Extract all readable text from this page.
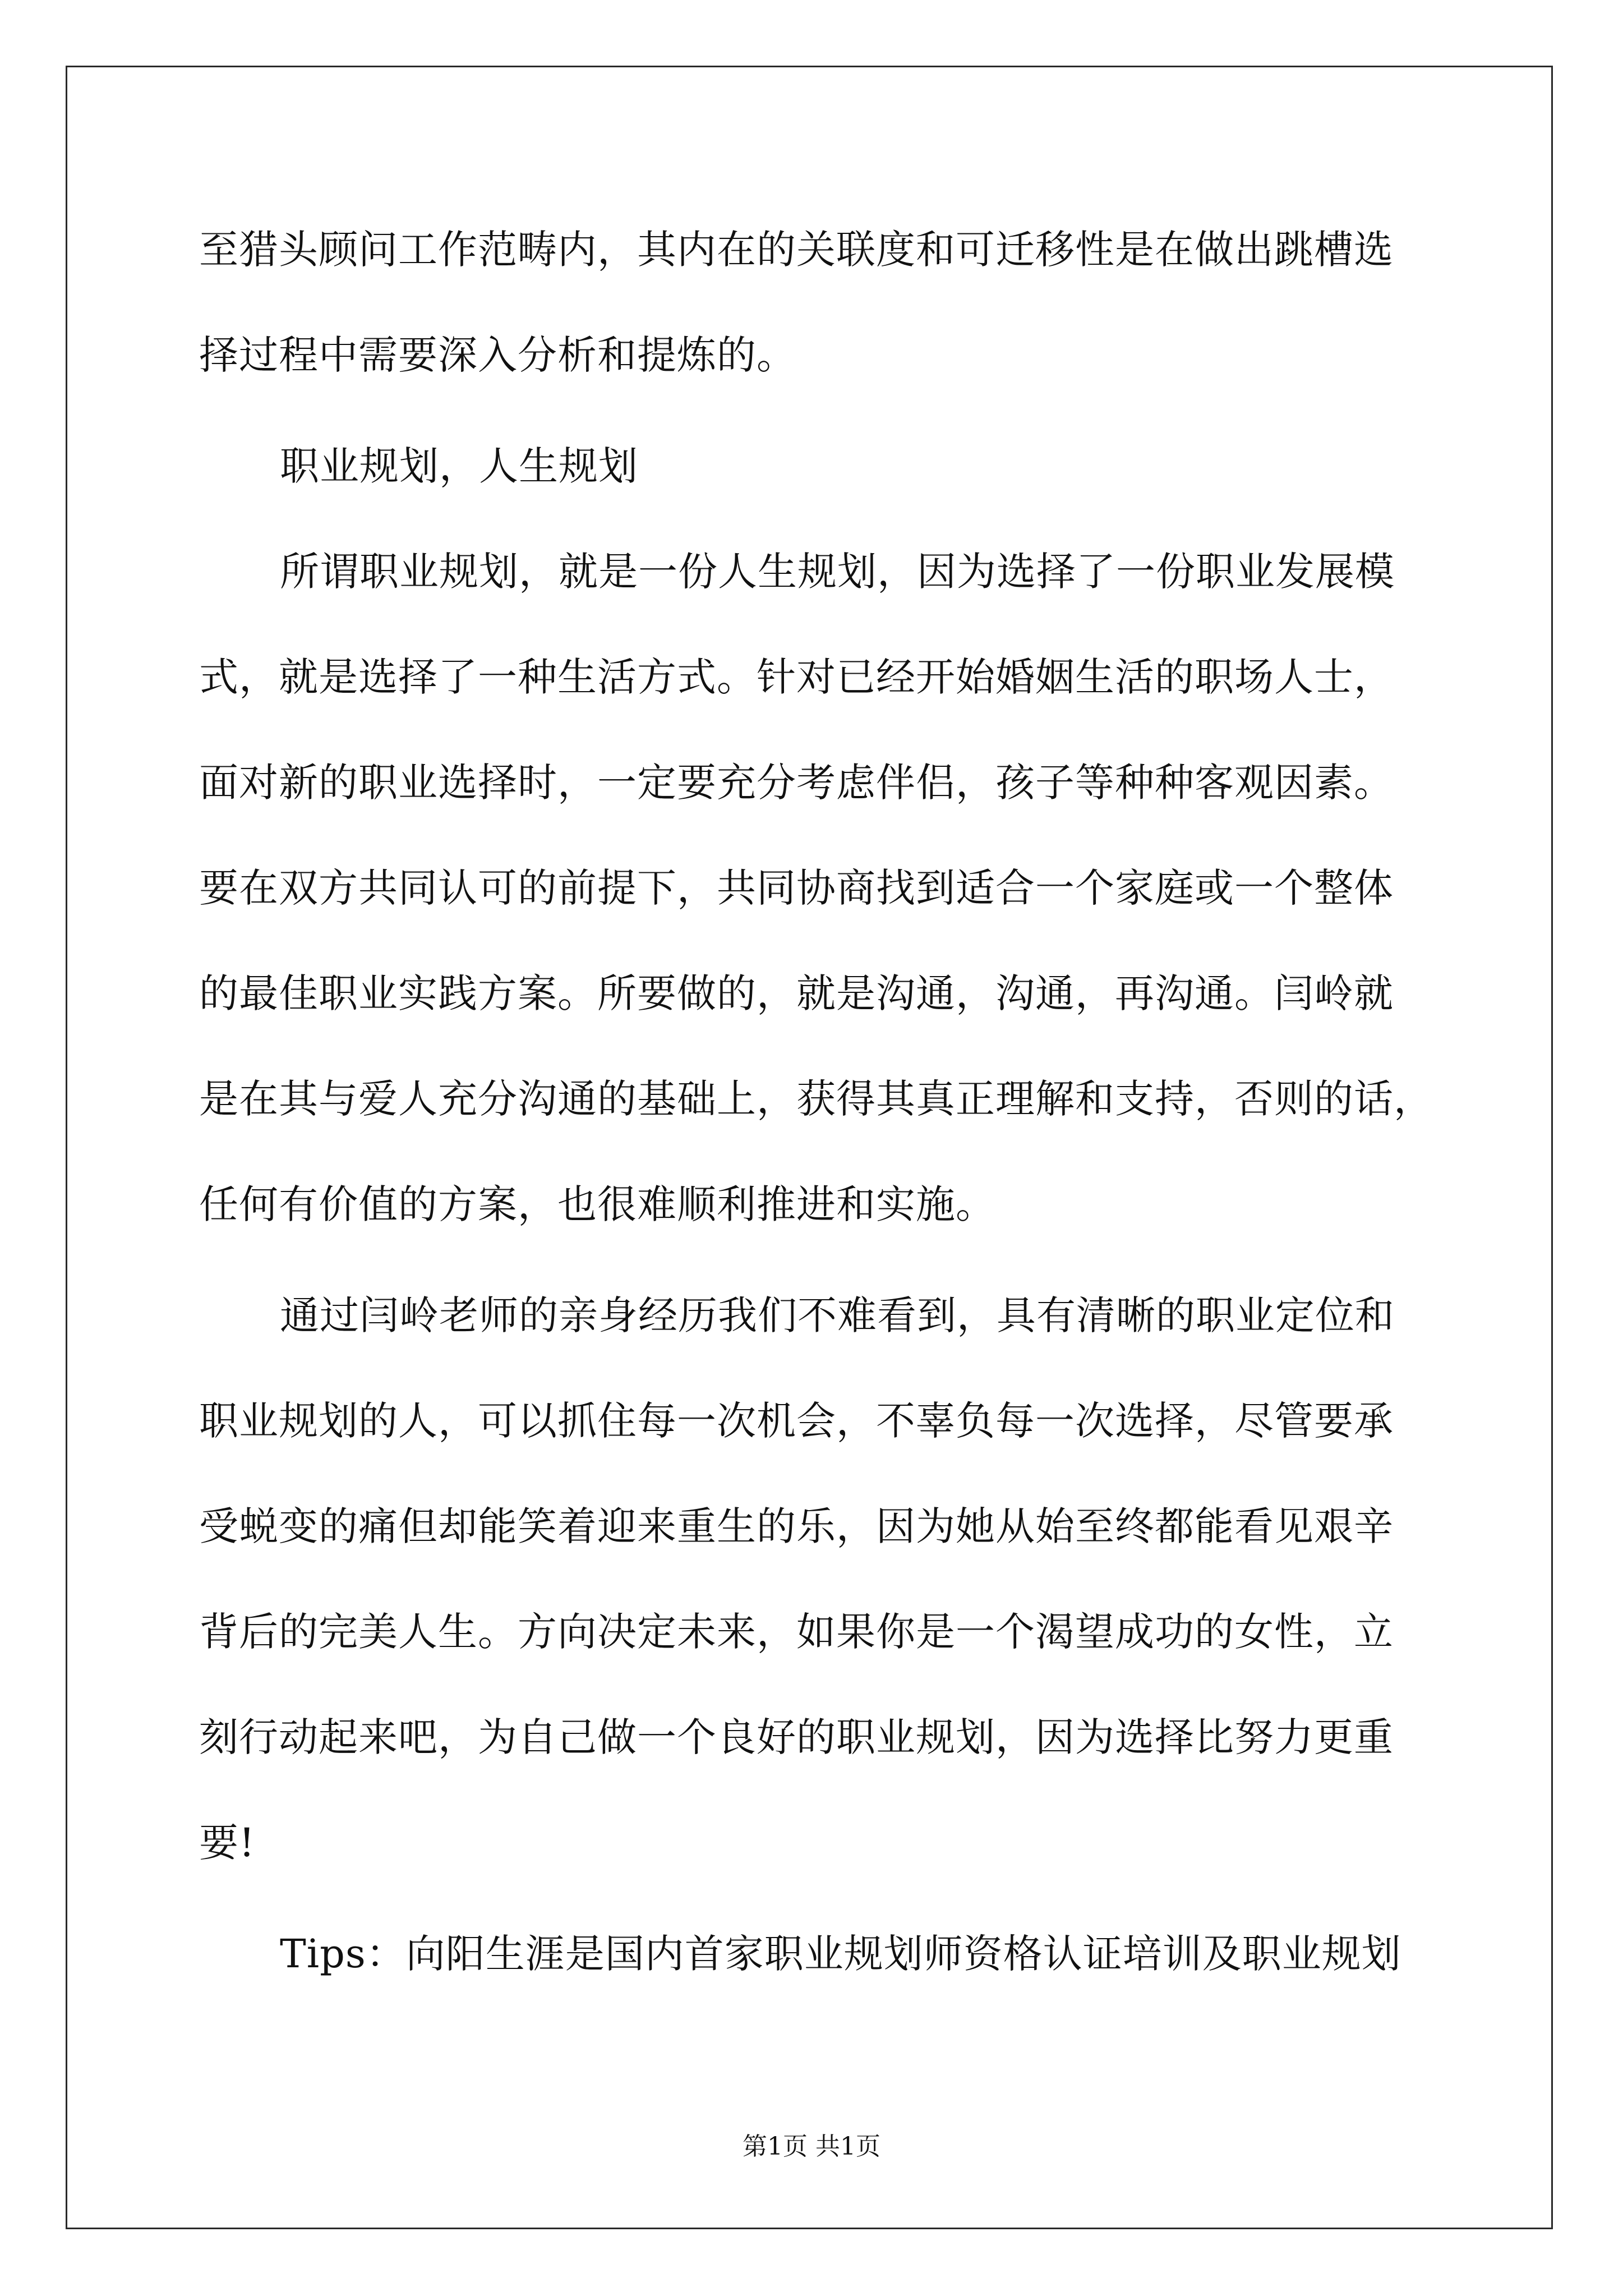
至猎头顾问工作范畴内，其内在的关联度和可迁移性是在做出跳槽选
择过程中需要深入分析和提炼的。
职业规划，人生规划
所谓职业规划，就是一份人生规划，因为选择了一份职业发展模
式，就是选择了一种生活方式。针对已经开始婚姻生活的职场人士，
面对新的职业选择时，一定要充分考虑伴侣，孩子等种种客观因素。
要在双方共同认可的前提下，共同协商找到适合一个家庭或一个整体
的最佳职业实践方案。所要做的，就是沟通，沟通，再沟通。闫岭就
是在其与爱人充分沟通的基础上，获得其真正理解和支持，否则的话，
任何有价值的方案，也很难顺利推进和实施。
通过闫岭老师的亲身经历我们不难看到，具有清晰的职业定位和
职业规划的人，可以抓住每一次机会，不辜负每一次选择，尽管要承
受蜕变的痛但却能笑着迎来重生的乐，因为她从始至终都能看见艰辛
背后的完美人生。方向决定未来，如果你是一个渴望成功的女性，立
刻行动起来吧，为自己做一个良好的职业规划，因为选择比努力更重
要!
Tips：向阳生涯是国内首家职业规划师资格认证培训及职业规划
第1页 共1页
